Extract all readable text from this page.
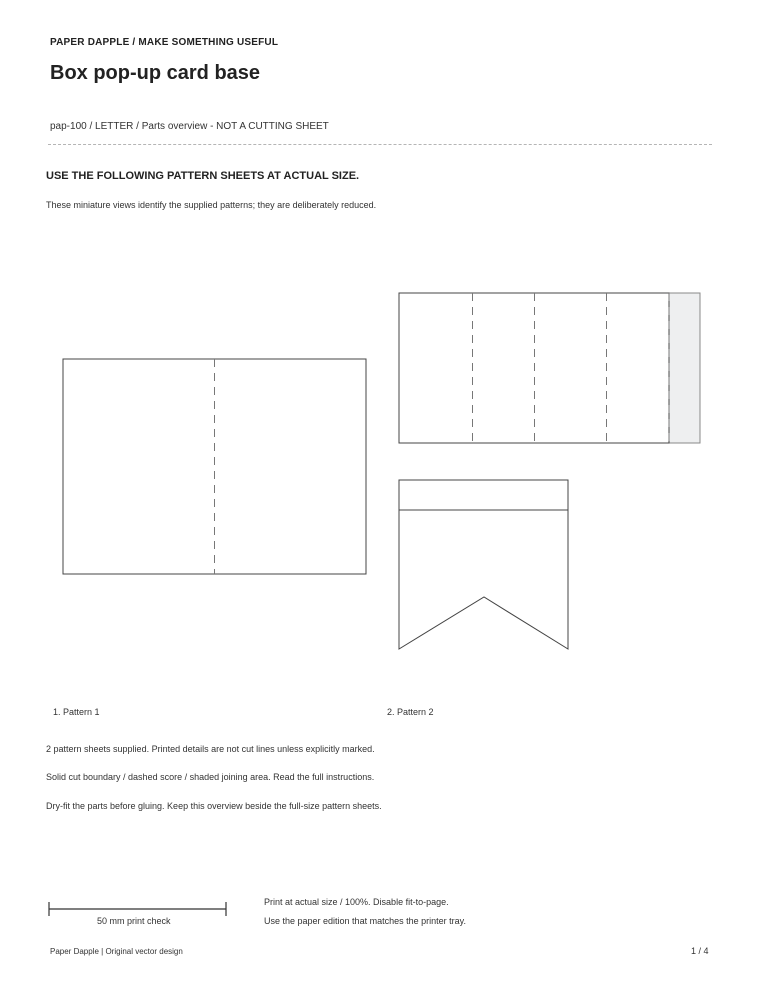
PAPER DAPPLE / MAKE SOMETHING USEFUL
Box pop-up card base
pap-100 / LETTER / Parts overview - NOT A CUTTING SHEET
USE THE FOLLOWING PATTERN SHEETS AT ACTUAL SIZE.
These miniature views identify the supplied patterns; they are deliberately reduced.
1. Pattern 1	2. Pattern 2
2 pattern sheets supplied. Printed details are not cut lines unless explicitly marked.
Solid cut boundary / dashed score / shaded joining area. Read the full instructions.
Dry-fit the parts before gluing. Keep this overview beside the full-size pattern sheets.
50 mm print check
Print at actual size / 100%. Disable fit-to-page.
Use the paper edition that matches the printer tray.
Paper Dapple | Original vector design	1 / 4
